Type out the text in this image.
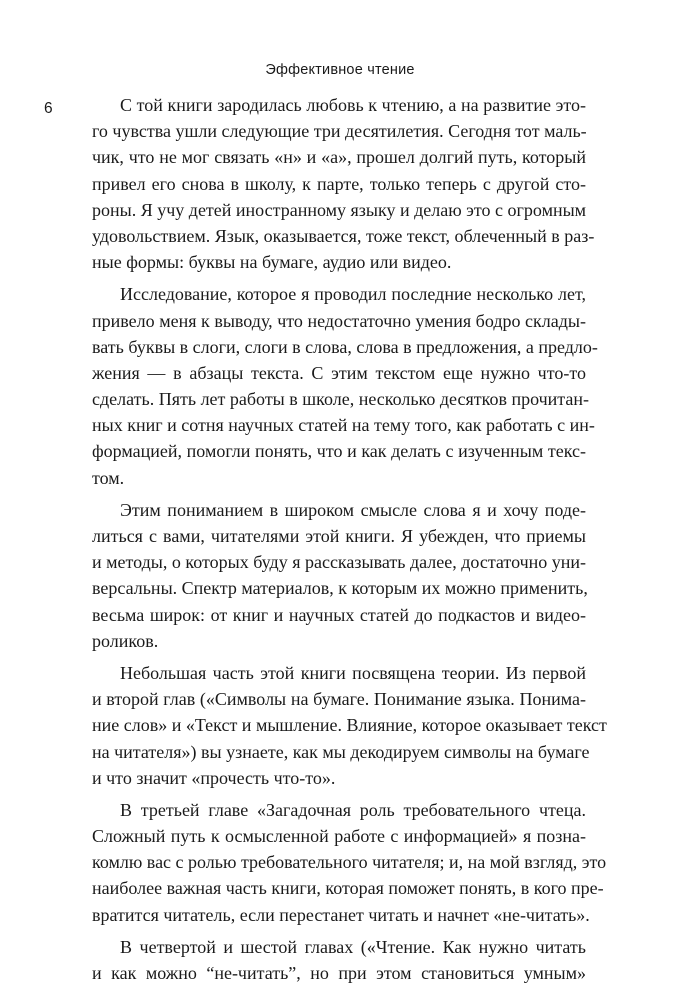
Эффективное чтение
6	С той книги зародилась любовь к чтению, а на развитие это-
го чувства ушли следующие три десятилетия. Сегодня тот маль-
чик, что не мог связать «н» и «а», прошел долгий путь, который
привел его снова в школу, к парте, только теперь с другой сто-
роны. Я учу детей иностранному языку и делаю это с огромным
удовольствием. Язык, оказывается, тоже текст, облеченный в раз-
ные формы: буквы на бумаге, аудио или видео.
Исследование, которое я проводил последние несколько лет,
привело меня к выводу, что недостаточно умения бодро склады-
вать буквы в слоги, слоги в слова, слова в предложения, а предло-
жения — в абзацы текста. С этим текстом еще нужно что-то
сделать. Пять лет работы в школе, несколько десятков прочитан-
ных книг и сотня научных статей на тему того, как работать с ин-
формацией, помогли понять, что и как делать с изученным текс-
том.
Этим пониманием в широком смысле слова я и хочу поде-
литься с вами, читателями этой книги. Я убежден, что приемы
и методы, о которых буду я рассказывать далее, достаточно уни-
версальны. Спектр материалов, к которым их можно применить,
весьма широк: от книг и научных статей до подкастов и видео-
роликов.
Небольшая часть этой книги посвящена теории. Из первой
и второй глав («Символы на бумаге. Понимание языка. Понима-
ние слов» и «Текст и мышление. Влияние, которое оказывает текст
на читателя») вы узнаете, как мы декодируем символы на бумаге
и что значит «прочесть что-то».
В третьей главе «Загадочная роль требовательного чтеца.
Сложный путь к осмысленной работе с информацией» я позна-
комлю вас с ролью требовательного читателя; и, на мой взгляд, это
наиболее важная часть книги, которая поможет понять, в кого пре-
вратится читатель, если перестанет читать и начнет «не-читать».
В четвертой и шестой главах («Чтение. Как нужно читать
и как можно “не-читать”, но при этом становиться умным»
